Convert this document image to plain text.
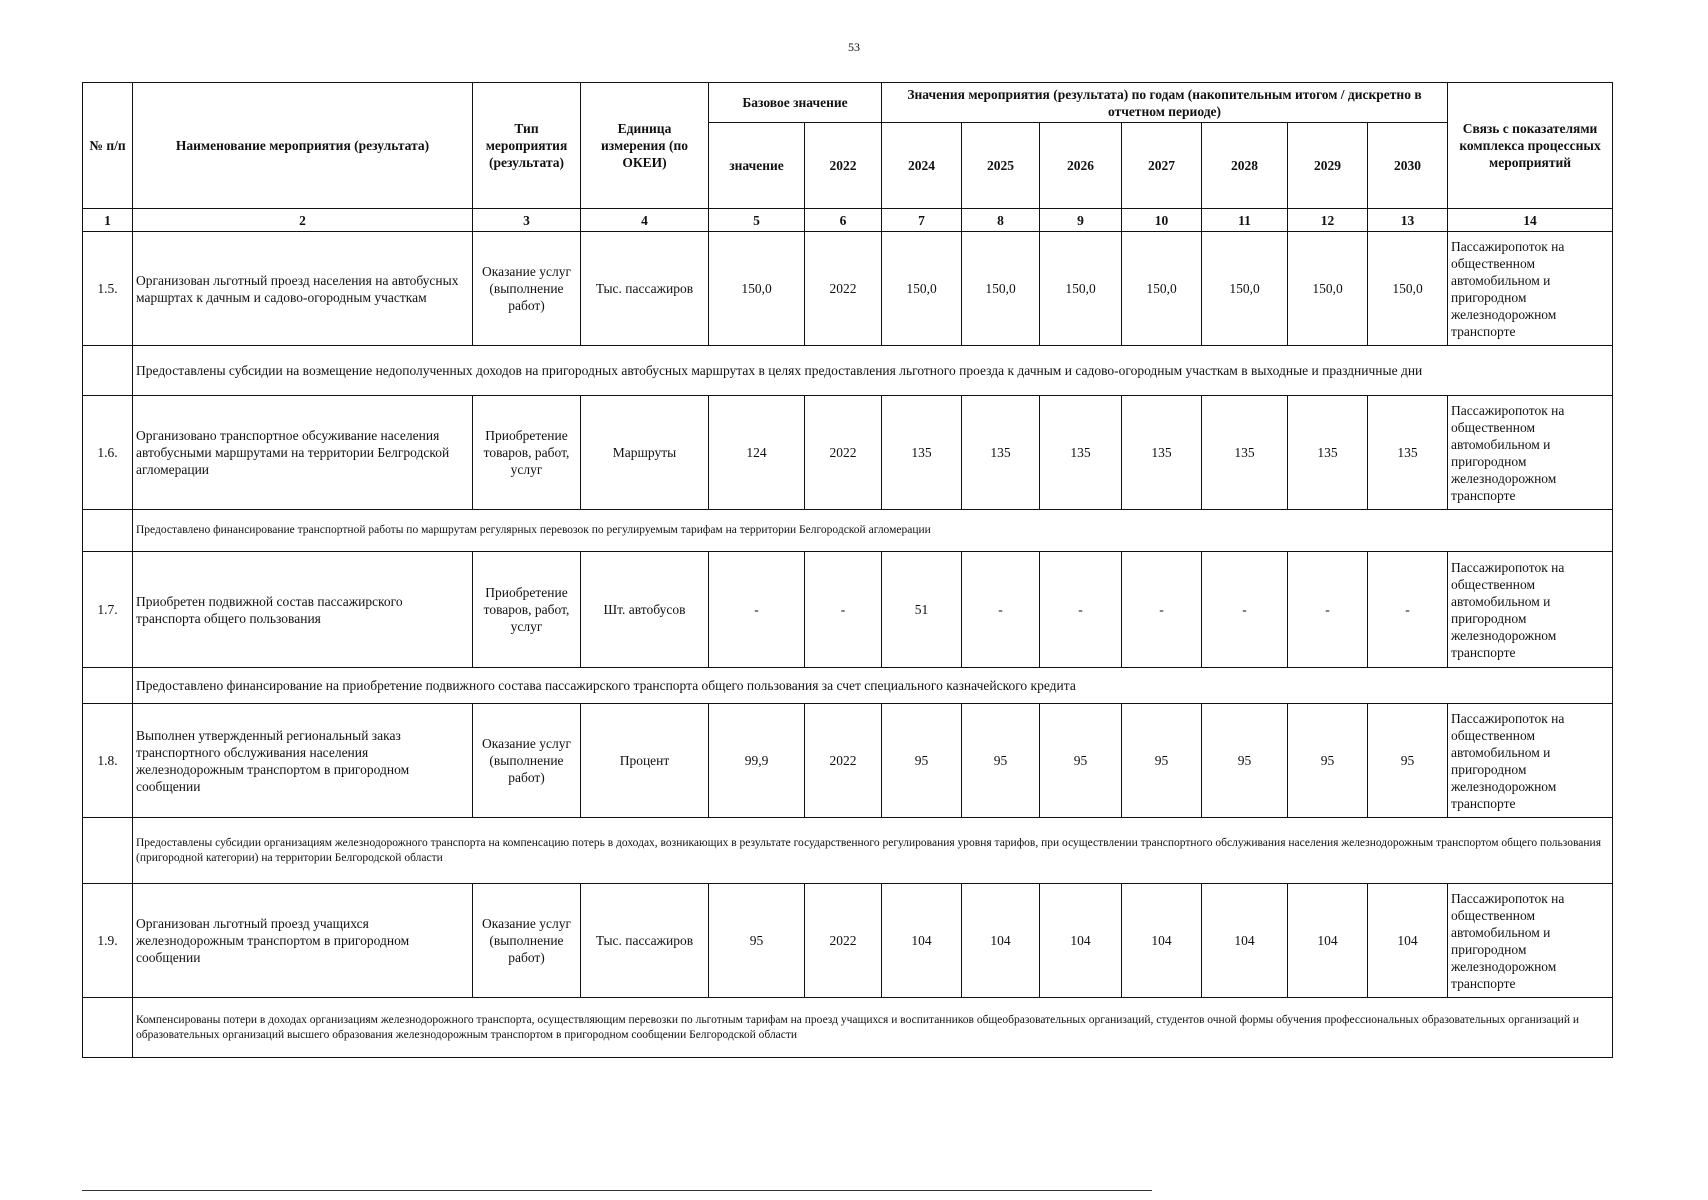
53
№ п/п	Наименование мероприятия (результата)	Тип мероприятия (результата)	Единица измерения (по ОКЕИ)	Базовое значение		Значения мероприятия (результата) по годам (накопительным итогом / дискретно в отчетном периоде)							Связь с показателями комплекса процессных мероприятий
				значение	2022	2024	2025	2026	2027	2028	2029	2030	
1	2	3	4	5	6	7	8	9	10	11	12	13	14
1.5.	Организован льготный проезд населения на автобусных маршртах к дачным и садово-огородным участкам	Оказание услуг (выполнение работ)	Тыс. пассажиров	150,0	2022	150,0	150,0	150,0	150,0	150,0	150,0	150,0	Пассажиропоток на общественном автомобильном и пригородном железнодорожном транспорте
	Предоставлены субсидии на возмещение недополученных доходов на пригородных автобусных маршрутах в целях предоставления льготного проезда к дачным и садово-огородным участкам в выходные и праздничные дни												
1.6.	Организовано транспортное обсуживание населения автобусными маршрутами на территории Белгродской агломерации	Приобретение товаров, работ, услуг	Маршруты	124	2022	135	135	135	135	135	135	135	Пассажиропоток на общественном автомобильном и пригородном железнодорожном транспорте
	Предоставлено финансирование транспортной работы по маршрутам регулярных перевозок по регулируемым тарифам на территории Белгородской агломерации												
1.7.	Приобретен подвижной состав пассажирского транспорта общего пользования	Приобретение товаров, работ, услуг	Шт. автобусов	-	-	51	-	-	-	-	-	-	Пассажиропоток на общественном автомобильном и пригородном железнодорожном транспорте
	Предоставлено финансирование на приобретение подвижного состава пассажирского транспорта общего пользования за счет специального казначейского кредита												
1.8.	Выполнен утвержденный региональный заказ транспортного обслуживания населения железнодорожным транспортом в пригородном сообщении	Оказание услуг (выполнение работ)	Процент	99,9	2022	95	95	95	95	95	95	95	Пассажиропоток на общественном автомобильном и пригородном железнодорожном транспорте
	Предоставлены субсидии организациям железнодорожного транспорта на компенсацию потерь в доходах, возникающих в результате государственного регулирования уровня тарифов, при осуществлении транспортного обслуживания населения железнодорожным транспортом общего пользования (пригородной категории) на территории Белгородской области												
1.9.	Организован льготный проезд учащихся железнодорожным транспортом в пригородном сообщении	Оказание услуг (выполнение работ)	Тыс. пассажиров	95	2022	104	104	104	104	104	104	104	Пассажиропоток на общественном автомобильном и пригородном железнодорожном транспорте
	Компенсированы потери в доходах организациям железнодорожного транспорта, осуществляющим перевозки по льготным тарифам на проезд учащихся и воспитанников общеобразовательных организаций, студентов очной формы обучения профессиональных образовательных организаций и образовательных организаций высшего образования железнодорожным транспортом в пригородном сообщении Белгородской области												
